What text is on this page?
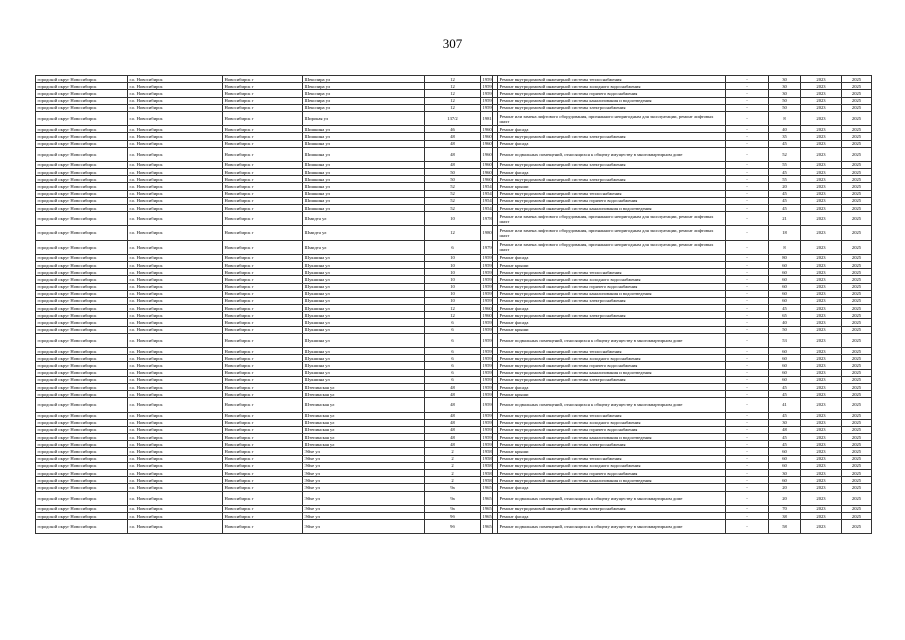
307
городской округ Новосибирск	г.о. Новосибирск	Новосибирск г	Шекспира ул	12	1959		Ремонт внутридомовой инженерной системы теплоснабжения	-	30	2023	2025
городской округ Новосибирск	г.о. Новосибирск	Новосибирск г	Шекспира ул	12	1959		Ремонт внутридомовой инженерной системы холодного водоснабжения	-	30	2023	2025
городской округ Новосибирск	г.о. Новосибирск	Новосибирск г	Шекспира ул	12	1959		Ремонт внутридомовой инженерной системы горячего водоснабжения	-	30	2023	2025
городской округ Новосибирск	г.о. Новосибирск	Новосибирск г	Шекспира ул	12	1959		Ремонт внутридомовой инженерной системы канализования и водоотведения	-	50	2023	2025
городской округ Новосибирск	г.о. Новосибирск	Новосибирск г	Шекспира ул	12	1959		Ремонт внутридомовой инженерной системы электроснабжения	-	50	2023	2025
городской округ Новосибирск	г.о. Новосибирск	Новосибирск г	Широкая ул	137/2	1981		Ремонт или замена лифтового оборудования, признанного непригодным для эксплуатации, ремонт лифтовых шахт	-	8	2023	2025
городской округ Новосибирск	г.о. Новосибирск	Новосибирск г	Шишкина ул	46	1960		Ремонт фасада	-	40	2023	2025
городской округ Новосибирск	г.о. Новосибирск	Новосибирск г	Шишкина ул	48	1960		Ремонт внутридомовой инженерной системы электроснабжения	-	35	2023	2025
городской округ Новосибирск	г.о. Новосибирск	Новосибирск г	Шишкина ул	48	1960		Ремонт фасада	-	45	2023	2025
городской округ Новосибирск	г.о. Новосибирск	Новосибирск г	Шишкина ул	48	1960		Ремонт подвальных помещений, относящихся к общему имуществу в многоквартирном доме	-	52	2023	2025
городской округ Новосибирск	г.о. Новосибирск	Новосибирск г	Шишкина ул	48	1960		Ремонт внутридомовой инженерной системы электроснабжения	-	55	2023	2025
городской округ Новосибирск	г.о. Новосибирск	Новосибирск г	Шишкина ул	50	1960		Ремонт фасада	-	45	2023	2025
городской округ Новосибирск	г.о. Новосибирск	Новосибирск г	Шишкина ул	50	1960		Ремонт внутридомовой инженерной системы электроснабжения	-	55	2023	2025
городской округ Новосибирск	г.о. Новосибирск	Новосибирск г	Шишкина ул	52	1954		Ремонт крыши	-	20	2023	2025
городской округ Новосибирск	г.о. Новосибирск	Новосибирск г	Шишкина ул	52	1954		Ремонт внутридомовой инженерной системы теплоснабжения	-	45	2023	2025
городской округ Новосибирск	г.о. Новосибирск	Новосибирск г	Шишкина ул	52	1954		Ремонт внутридомовой инженерной системы горячего водоснабжения	-	45	2023	2025
городской округ Новосибирск	г.о. Новосибирск	Новосибирск г	Шишкина ул	52	1954		Ремонт внутридомовой инженерной системы канализования и водоотведения	-	45	2023	2025
городской округ Новосибирск	г.о. Новосибирск	Новосибирск г	Шмидта ул	10	1978		Ремонт или замена лифтового оборудования, признанного непригодным для эксплуатации, ремонт лифтовых шахт	-	21	2023	2025
городской округ Новосибирск	г.о. Новосибирск	Новосибирск г	Шмидта ул	12	1980		Ремонт или замена лифтового оборудования, признанного непригодным для эксплуатации, ремонт лифтовых шахт	-	18	2023	2025
городской округ Новосибирск	г.о. Новосибирск	Новосибирск г	Шмидта ул	6	1979		Ремонт или замена лифтового оборудования, признанного непригодным для эксплуатации, ремонт лифтовых шахт	-	8	2023	2025
городской округ Новосибирск	г.о. Новосибирск	Новосибирск г	Шукшина ул	10	1959		Ремонт фасада	-	80	2023	2025
городской округ Новосибирск	г.о. Новосибирск	Новосибирск г	Шукшина ул	10	1959		Ремонт крыши	-	60	2023	2025
городской округ Новосибирск	г.о. Новосибирск	Новосибирск г	Шукшина ул	10	1959		Ремонт внутридомовой инженерной системы теплоснабжения	-	60	2023	2025
городской округ Новосибирск	г.о. Новосибирск	Новосибирск г	Шукшина ул	10	1959		Ремонт внутридомовой инженерной системы холодного водоснабжения	-	60	2023	2025
городской округ Новосибирск	г.о. Новосибирск	Новосибирск г	Шукшина ул	10	1959		Ремонт внутридомовой инженерной системы горячего водоснабжения	-	60	2023	2025
городской округ Новосибирск	г.о. Новосибирск	Новосибирск г	Шукшина ул	10	1959		Ремонт внутридомовой инженерной системы канализования и водоотведения	-	60	2023	2025
городской округ Новосибирск	г.о. Новосибирск	Новосибирск г	Шукшина ул	10	1959		Ремонт внутридомовой инженерной системы электроснабжения	-	60	2023	2025
городской округ Новосибирск	г.о. Новосибирск	Новосибирск г	Шукшина ул	12	1960		Ремонт фасада	-	45	2023	2025
городской округ Новосибирск	г.о. Новосибирск	Новосибирск г	Шукшина ул	12	1960		Ремонт внутридомовой инженерной системы электроснабжения	-	65	2023	2025
городской округ Новосибирск	г.о. Новосибирск	Новосибирск г	Шукшина ул	6	1959		Ремонт фасада	-	40	2023	2025
городской округ Новосибирск	г.о. Новосибирск	Новосибирск г	Шукшина ул	6	1959		Ремонт крыши	-	50	2023	2025
городской округ Новосибирск	г.о. Новосибирск	Новосибирск г	Шукшина ул	6	1959		Ремонт подвальных помещений, относящихся к общему имуществу в многоквартирном доме	-	53	2023	2025
городской округ Новосибирск	г.о. Новосибирск	Новосибирск г	Шукшина ул	6	1959		Ремонт внутридомовой инженерной системы теплоснабжения	-	60	2023	2025
городской округ Новосибирск	г.о. Новосибирск	Новосибирск г	Шукшина ул	6	1959		Ремонт внутридомовой инженерной системы холодного водоснабжения	-	60	2023	2025
городской округ Новосибирск	г.о. Новосибирск	Новосибирск г	Шукшина ул	6	1959		Ремонт внутридомовой инженерной системы горячего водоснабжения	-	60	2023	2025
городской округ Новосибирск	г.о. Новосибирск	Новосибирск г	Шукшина ул	6	1959		Ремонт внутридомовой инженерной системы канализования и водоотведения	-	60	2023	2025
городской округ Новосибирск	г.о. Новосибирск	Новосибирск г	Шукшина ул	6	1959		Ремонт внутридомовой инженерной системы электроснабжения	-	60	2023	2025
городской округ Новосибирск	г.о. Новосибирск	Новосибирск г	Штепинская ул	48	1959		Ремонт фасада	-	45	2023	2025
городской округ Новосибирск	г.о. Новосибирск	Новосибирск г	Штепинская ул	48	1959		Ремонт крыши	-	45	2023	2025
городской округ Новосибирск	г.о. Новосибирск	Новосибирск г	Штепинская ул	48	1959		Ремонт подвальных помещений, относящихся к общему имуществу в многоквартирном доме	-	41	2023	2025
городской округ Новосибирск	г.о. Новосибирск	Новосибирск г	Штепинская ул	48	1959		Ремонт внутридомовой инженерной системы теплоснабжения	-	45	2023	2025
городской округ Новосибирск	г.о. Новосибирск	Новосибирск г	Штепинская ул	48	1959		Ремонт внутридомовой инженерной системы холодного водоснабжения	-	30	2023	2025
городской округ Новосибирск	г.о. Новосибирск	Новосибирск г	Штепинская ул	48	1959		Ремонт внутридомовой инженерной системы горячего водоснабжения	-	48	2023	2025
городской округ Новосибирск	г.о. Новосибирск	Новосибирск г	Штепинская ул	48	1959		Ремонт внутридомовой инженерной системы канализования и водоотведения	-	45	2023	2025
городской округ Новосибирск	г.о. Новосибирск	Новосибирск г	Штепинская ул	48	1959		Ремонт внутридомовой инженерной системы электроснабжения	-	45	2023	2025
городской округ Новосибирск	г.о. Новосибирск	Новосибирск г	Эйхе ул	2	1958		Ремонт крыши	-	60	2023	2025
городской округ Новосибирск	г.о. Новосибирск	Новосибирск г	Эйхе ул	2	1958		Ремонт внутридомовой инженерной системы теплоснабжения	-	60	2023	2025
городской округ Новосибирск	г.о. Новосибирск	Новосибирск г	Эйхе ул	2	1958		Ремонт внутридомовой инженерной системы холодного водоснабжения	-	60	2023	2025
городской округ Новосибирск	г.о. Новосибирск	Новосибирск г	Эйхе ул	2	1958		Ремонт внутридомовой инженерной системы горячего водоснабжения	-	30	2023	2025
городской округ Новосибирск	г.о. Новосибирск	Новосибирск г	Эйхе ул	2	1958		Ремонт внутридомовой инженерной системы канализования и водоотведения	-	60	2023	2025
городской округ Новосибирск	г.о. Новосибирск	Новосибирск г	Эйхе ул	9а	1965		Ремонт фасада	-	20	2023	2025
городской округ Новосибирск	г.о. Новосибирск	Новосибирск г	Эйхе ул	9а	1965		Ремонт подвальных помещений, относящихся к общему имуществу в многоквартирном доме	-	20	2023	2025
городской округ Новосибирск	г.о. Новосибирск	Новосибирск г	Эйхе ул	9а	1965		Ремонт внутридомовой инженерной системы электроснабжения	-	70	2023	2025
городской округ Новосибирск	г.о. Новосибирск	Новосибирск г	Эйхе ул	9б	1965		Ремонт фасада	-	38	2023	2025
городской округ Новосибирск	г.о. Новосибирск	Новосибирск г	Эйхе ул	9б	1965		Ремонт подвальных помещений, относящихся к общему имуществу в многоквартирном доме	-	58	2023	2025
